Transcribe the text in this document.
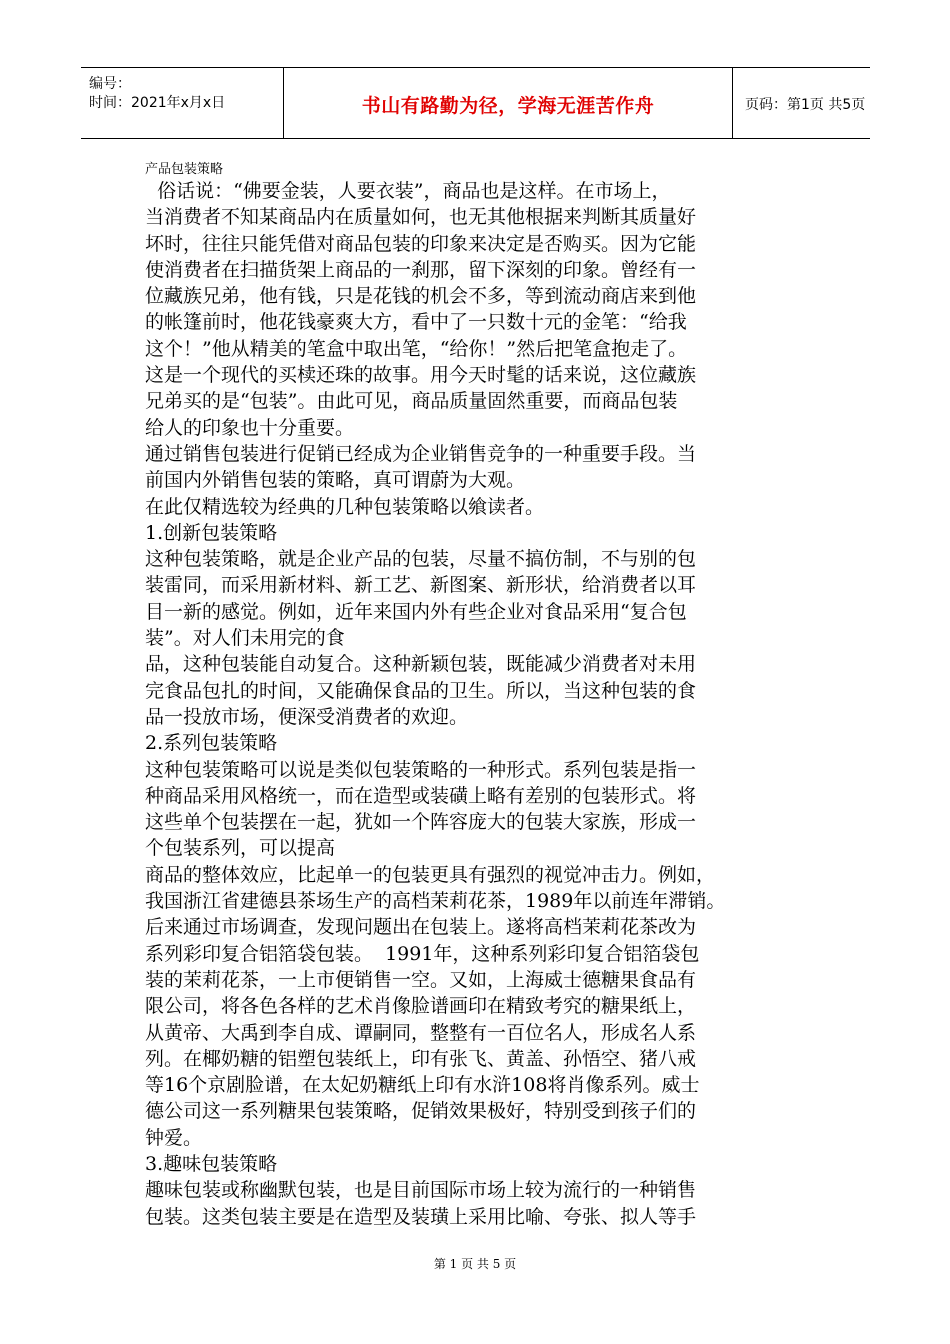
编号：
时间：2021年x月x日	书山有路勤为径，学海无涯苦作舟	页码：第1页 共5页
产品包装策略
俗话说：“佛要金装，人要衣装”，商品也是这样。在市场上，
当消费者不知某商品内在质量如何，也无其他根据来判断其质量好
坏时，往往只能凭借对商品包装的印象来决定是否购买。因为它能
使消费者在扫描货架上商品的一刹那，留下深刻的印象。曾经有一
位藏族兄弟，他有钱，只是花钱的机会不多，等到流动商店来到他
的帐篷前时，他花钱豪爽大方，看中了一只数十元的金笔：“给我
这个！”他从精美的笔盒中取出笔，“给你！”然后把笔盒抱走了。
这是一个现代的买椟还珠的故事。用今天时髦的话来说，这位藏族
兄弟买的是“包装”。由此可见，商品质量固然重要，而商品包装
给人的印象也十分重要。
通过销售包装进行促销已经成为企业销售竞争的一种重要手段。当
前国内外销售包装的策略，真可谓蔚为大观。
在此仅精选较为经典的几种包装策略以飨读者。
1.创新包装策略
这种包装策略，就是企业产品的包装，尽量不搞仿制，不与别的包
装雷同，而采用新材料、新工艺、新图案、新形状，给消费者以耳
目一新的感觉。例如，近年来国内外有些企业对食品采用“复合包
装”。对人们未用完的食
品，这种包装能自动复合。这种新颖包装，既能减少消费者对未用
完食品包扎的时间，又能确保食品的卫生。所以，当这种包装的食
品一投放市场，便深受消费者的欢迎。
2.系列包装策略
这种包装策略可以说是类似包装策略的一种形式。系列包装是指一
种商品采用风格统一，而在造型或装磺上略有差别的包装形式。将
这些单个包装摆在一起，犹如一个阵容庞大的包装大家族，形成一
个包装系列，可以提高
商品的整体效应，比起单一的包装更具有强烈的视觉冲击力。例如，
我国浙江省建德县茶场生产的高档茉莉花茶，1989年以前连年滞销。
后来通过市场调查，发现问题出在包装上。遂将高档茉莉花茶改为
系列彩印复合铝箔袋包装。  1991年，这种系列彩印复合铝箔袋包
装的茉莉花茶，一上市便销售一空。又如，上海威士德糖果食品有
限公司，将各色各样的艺术肖像脸谱画印在精致考究的糖果纸上，
从黄帝、大禹到李自成、谭嗣同，整整有一百位名人，形成名人系
列。在椰奶糖的铝塑包装纸上，印有张飞、黄盖、孙悟空、猪八戒
等16个京剧脸谱，在太妃奶糖纸上印有水浒108将肖像系列。威士
德公司这一系列糖果包装策略，促销效果极好，特别受到孩子们的
钟爱。
3.趣味包装策略
趣味包装或称幽默包装，也是目前国际市场上较为流行的一种销售
包装。这类包装主要是在造型及装璜上采用比喻、夸张、拟人等手
第 1 页 共 5 页
